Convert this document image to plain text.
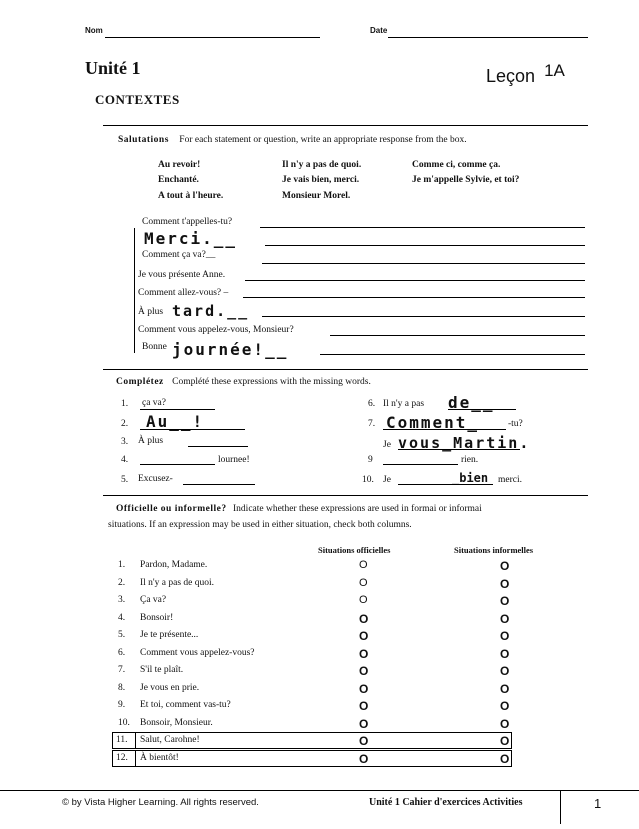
Nom	Date
Unité 1	Leçon 1A
CONTEXTES
Salutations For each statement or question, write an appropriate response from the box.
Au revoir!	Il n'y a pas de quoi.	Comme ci, comme ça.
Enchanté.	Je vais bien, merci.	Je m'appelle Sylvie, et toi?
A tout à l'heure.	Monsieur Morel.
Comment t'appelles-tu?
Merci.__
Comment ça va?__
Je vous présente Anne.
Comment allez-vous? –
À plus tard.__
Comment vous appelez-vous, Monsieur?
Bonne journée!__
Complétez Complété these expressions with the missing words.
1. ça va?
2. Au__!
3. À plus
4.	lournee!
5. Excusez-
6. Il n'y a pas de__
7. Comment_	-tu?
Je vous_Martin.
9	rien.
10. Je	_bien merci.
Officielle ou informelle? Indicate whether these expressions are used in formai or informai
situations. If an expression may be used in either situation, check both columns.
Situations officielles	Situations informelles
1. Pardon, Madame.	O	O
2. Il n'y a pas de quoi.	O	O
3. Ça va?	O	O
4. Bonsoir!	O	O
5. Je te présente...	O	O
6. Comment vous appelez-vous?	O	O
7. S'il te plaît.	O	O
8. Je vous en prie.	O	O
9. Et toi, comment vas-tu?	O	O
10. Bonsoir, Monsieur.	O	O
11. Salut, Carohne!	O	O
12. À bientôt!	O	O
© by Vista Higher Learning. All rights reserved.	Unité 1 Cahier d'exercices Activities	1
